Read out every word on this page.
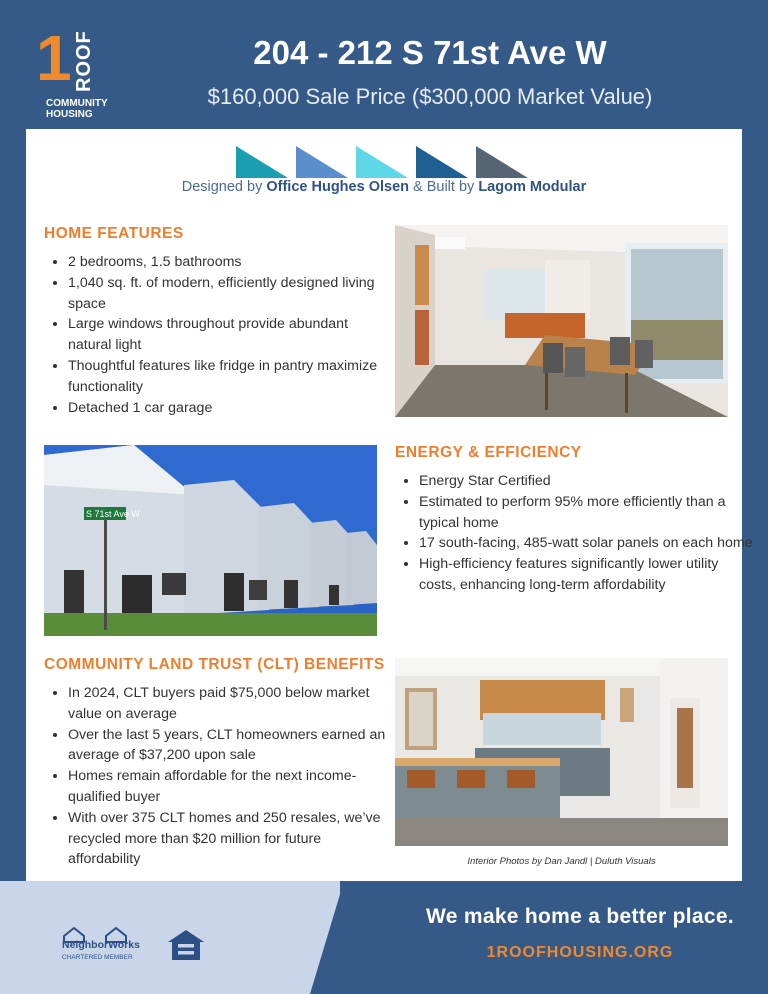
1 ROOF
COMMUNITY
HOUSING
204 - 212 S 71st Ave W
$160,000 Sale Price ($300,000 Market Value)
Designed by Office Hughes Olsen & Built by Lagom Modular
HOME FEATURES
• 2 bedrooms, 1.5 bathrooms
• 1,040 sq. ft. of modern, efficiently designed living space
• Large windows throughout provide abundant natural light
• Thoughtful features like fridge in pantry maximize functionality
• Detached 1 car garage
S 71st Ave W
ENERGY & EFFICIENCY
• Energy Star Certified
• Estimated to perform 95% more efficiently than a typical home
• 17 south-facing, 485-watt solar panels on each home
• High-efficiency features significantly lower utility costs, enhancing long-term affordability
COMMUNITY LAND TRUST (CLT) BENEFITS
• In 2024, CLT buyers paid $75,000 below market value on average
• Over the last 5 years, CLT homeowners earned an average of $37,200 upon sale
• Homes remain affordable for the next income-qualified buyer
• With over 375 CLT homes and 250 resales, we’ve recycled more than $20 million for future affordability	Interior Photos by Dan Jandl | Duluth Visuals
NeighborWorks
CHARTERED MEMBER
We make home a better place.
1ROOFHOUSING.ORG
